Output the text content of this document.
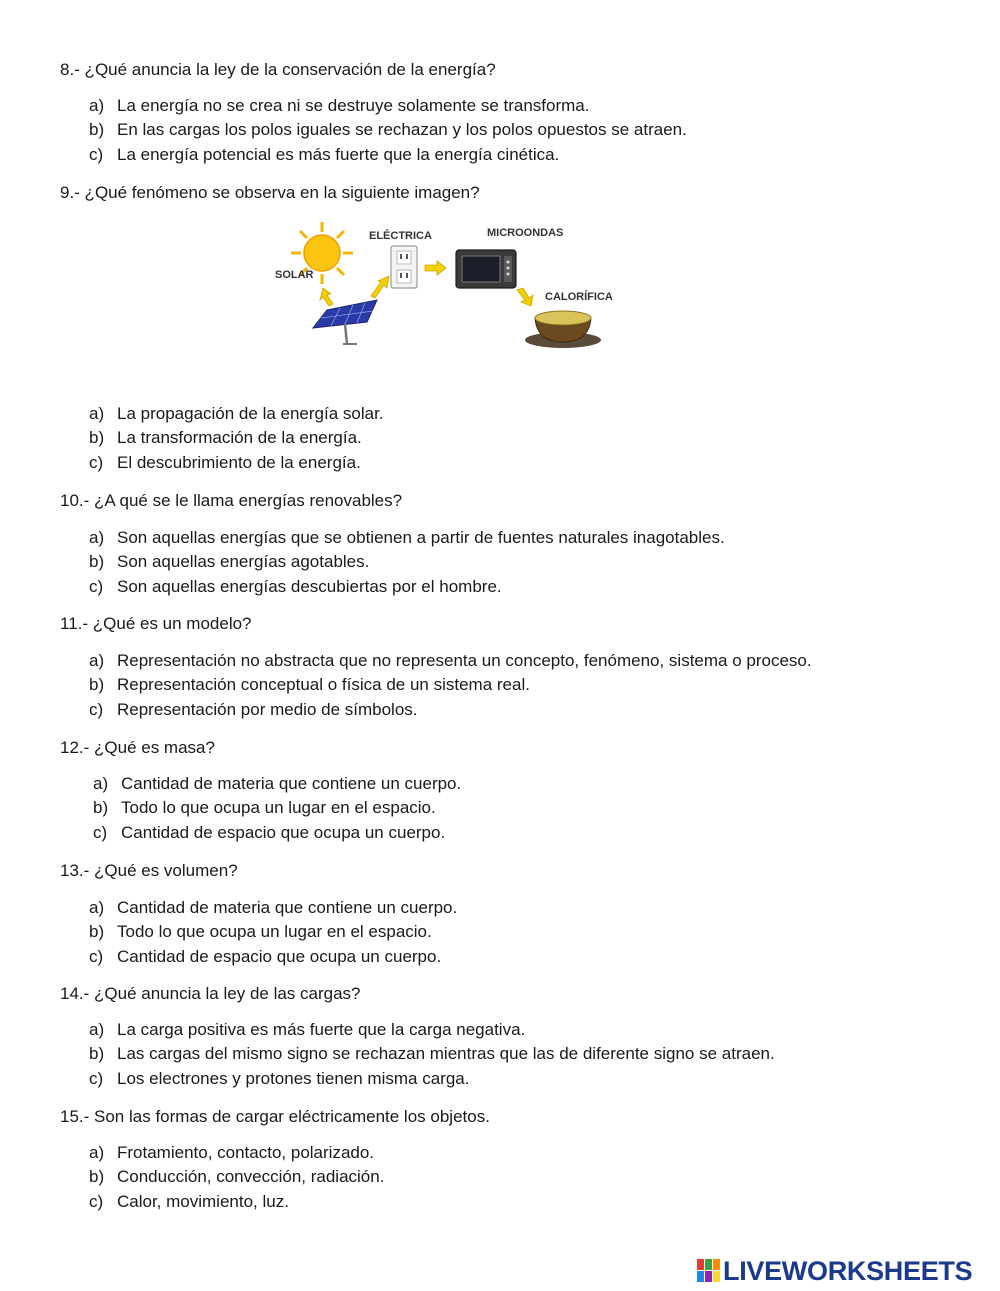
8.- ¿Qué anuncia la ley de la conservación de la energía?

a) La energía no se crea ni se destruye solamente se transforma.
b) En las cargas los polos iguales se rechazan y los polos opuestos se atraen.
c) La energía potencial es más fuerte que la energía cinética.

9.- ¿Qué fenómeno se observa en la siguiente imagen?

SOLAR
ELÉCTRICA	MICROONDAS
CALORÍFICA
a) La propagación de la energía solar.
b) La transformación de la energía.
c) El descubrimiento de la energía.

10.- ¿A qué se le llama energías renovables?

a) Son aquellas energías que se obtienen a partir de fuentes naturales inagotables.
b) Son aquellas energías agotables.
c) Son aquellas energías descubiertas por el hombre.

11.- ¿Qué es un modelo?

a) Representación no abstracta que no representa un concepto, fenómeno, sistema o proceso.
b) Representación conceptual o física de un sistema real.
c) Representación por medio de símbolos.

12.- ¿Qué es masa?

a) Cantidad de materia que contiene un cuerpo.
b) Todo lo que ocupa un lugar en el espacio.
c) Cantidad de espacio que ocupa un cuerpo.

13.- ¿Qué es volumen?

a) Cantidad de materia que contiene un cuerpo.
b) Todo lo que ocupa un lugar en el espacio.
c) Cantidad de espacio que ocupa un cuerpo.

14.- ¿Qué anuncia la ley de las cargas?

a) La carga positiva es más fuerte que la carga negativa.
b) Las cargas del mismo signo se rechazan mientras que las de diferente signo se atraen.
c) Los electrones y protones tienen misma carga.

15.- Son las formas de cargar eléctricamente los objetos.

a) Frotamiento, contacto, polarizado.
b) Conducción, convección, radiación.
c) Calor, movimiento, luz.
LIVEWORKSHEETS
